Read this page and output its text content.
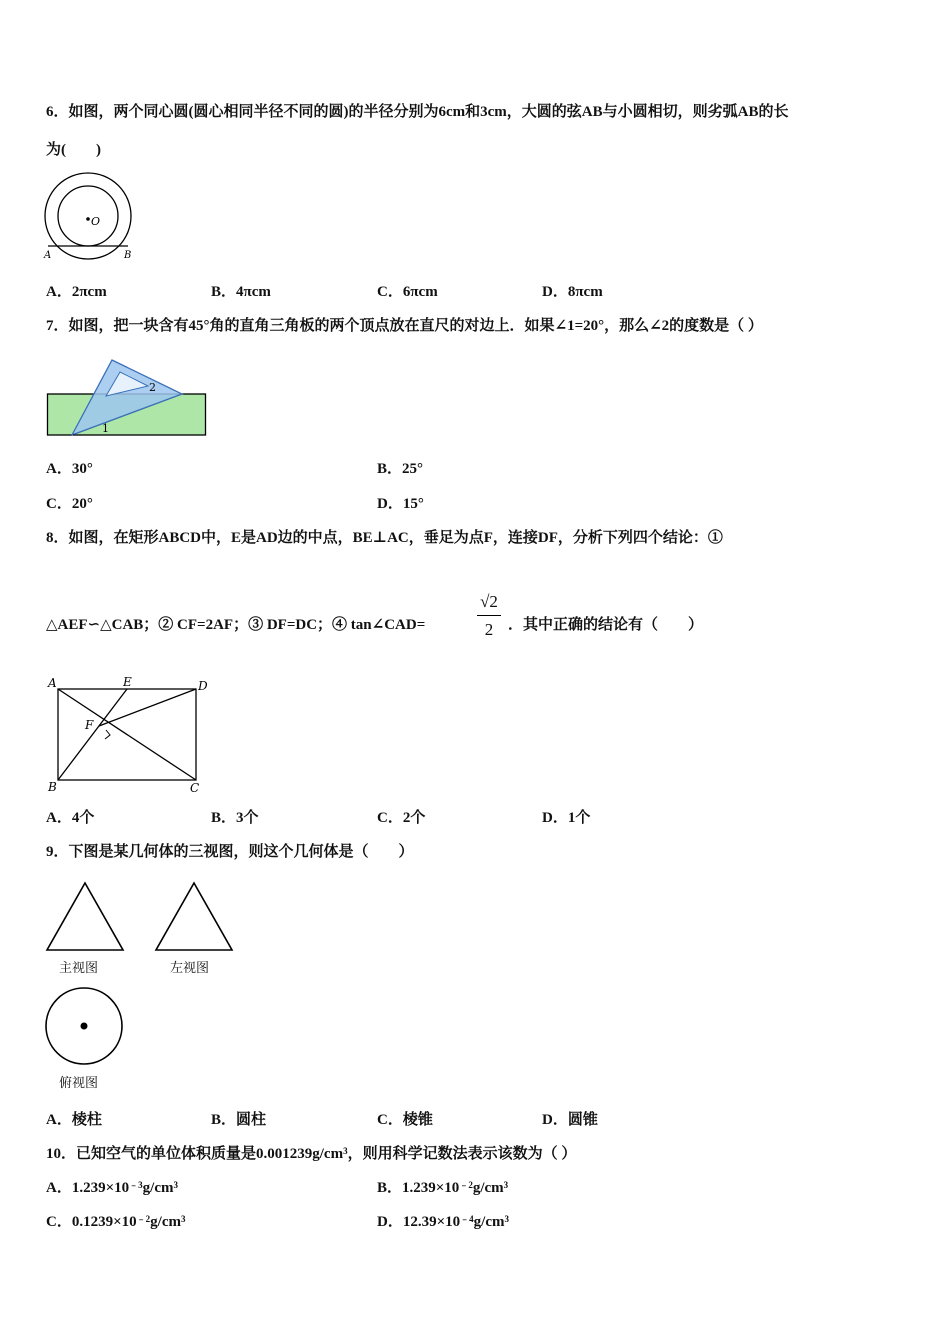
6．如图，两个同心圆(圆心相同半径不同的圆)的半径分别为6cm和3cm，大圆的弦AB与小圆相切，则劣弧AB的长
为(　　)
O
A	B
A．2πcm	B．4πcm	C．6πcm	D．8πcm
7．如图，把一块含有45°角的直角三角板的两个顶点放在直尺的对边上．如果∠1=20°，那么∠2的度数是（ ）
1
2
A．30°	B．25°
C．20°	D．15°
8．如图，在矩形ABCD中，E是AD边的中点，BE⊥AC，垂足为点F，连接DF，分析下列四个结论：①
△AEF∽△CAB；② CF=2AF；③ DF=DC；④ tan∠CAD=
√2
2 ．其中正确的结论有（　　）
A	E	D
F
B	C
A．4个	B．3个	C．2个	D．1个
9．下图是某几何体的三视图，则这个几何体是（　　）
主视图	左视图
俯视图
A．棱柱	B．圆柱	C．棱锥	D．圆锥
10．已知空气的单位体积质量是$0.001239g/cm^3$，则用科学记数法表示该数为（ ）
A．$1.239\times 10^{﹣3}g/cm^3$	B．$1.239\times 10^{﹣2}g/cm^3$
C．$0.1239\times 10^{﹣2}g/cm^3$	D．$12.39\times 10^{﹣4}g/cm^3$
